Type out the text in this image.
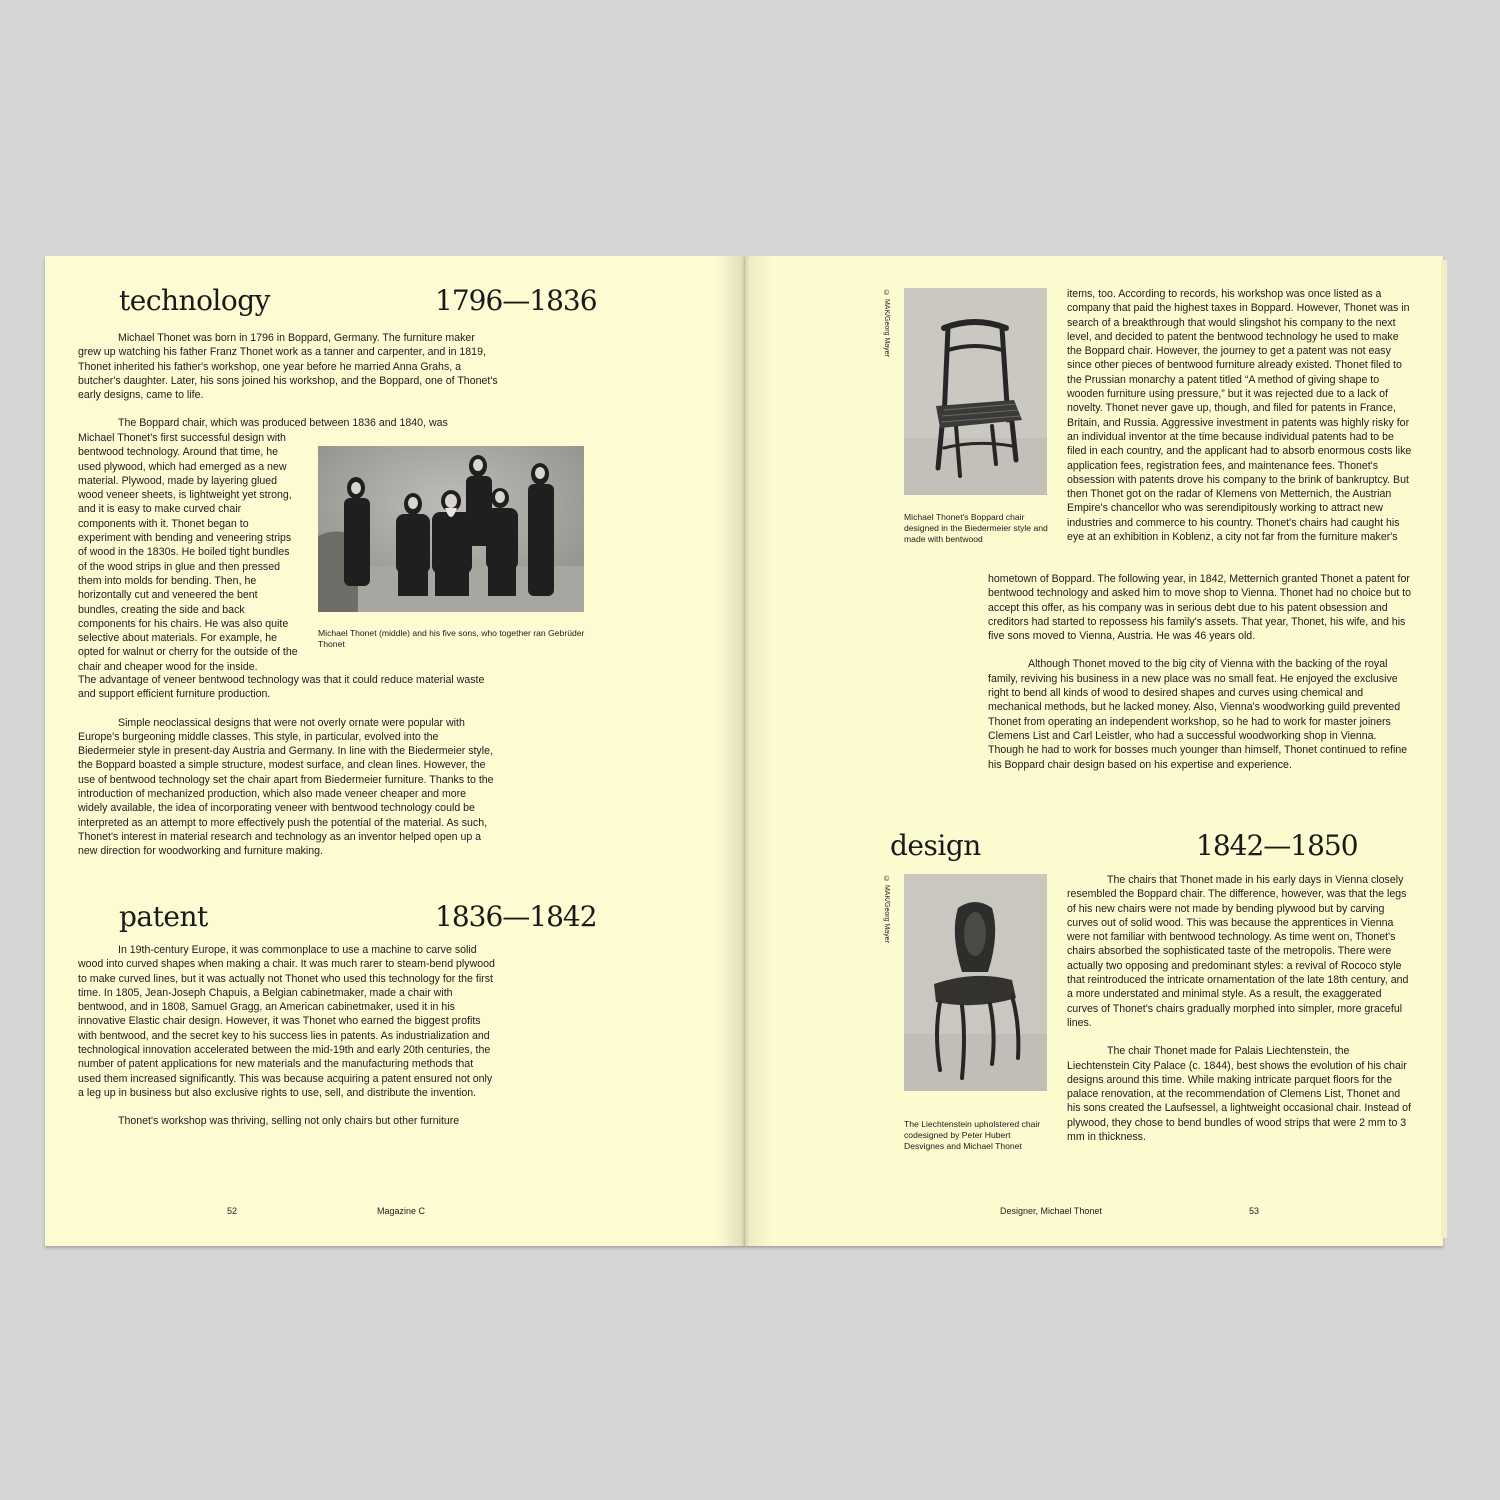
technology	1796—1836

Michael Thonet was born in 1796 in Boppard, Germany. The furniture maker grew up watching his father Franz Thonet work as a tanner and carpenter, and in 1819, Thonet inherited his father's workshop, one year before he married Anna Grahs, a butcher's daughter. Later, his sons joined his workshop, and the Boppard, one of Thonet's early designs, came to life.

The Boppard chair, which was produced between 1836 and 1840, was

Michael Thonet's first successful design with bentwood technology. Around that time, he used plywood, which had emerged as a new material. Plywood, made by layering glued wood veneer sheets, is lightweight yet strong, and it is easy to make curved chair components with it. Thonet began to experiment with bending and veneering strips of wood in the 1830s. He boiled tight bundles of the wood strips in glue and then pressed them into molds for bending. Then, he horizontally cut and veneered the bent bundles, creating the side and back components for his chairs. He was also quite selective about materials. For example, he opted for walnut or cherry for the outside of the chair and cheaper wood for the inside.

The advantage of veneer bentwood technology was that it could reduce material waste and support efficient furniture production.

Simple neoclassical designs that were not overly ornate were popular with Europe's burgeoning middle classes. This style, in particular, evolved into the Biedermeier style in present-day Austria and Germany. In line with the Biedermeier style, the Boppard boasted a simple structure, modest surface, and clean lines. However, the use of bentwood technology set the chair apart from Biedermeier furniture. Thanks to the introduction of mechanized production, which also made veneer cheaper and more widely available, the idea of incorporating veneer with bentwood technology could be interpreted as an attempt to more effectively push the potential of the material. As such, Thonet's interest in material research and technology as an inventor helped open up a new direction for woodworking and furniture making.

Michael Thonet (middle) and his five sons, who together ran Gebrüder Thonet
patent	1836—1842

In 19th-century Europe, it was commonplace to use a machine to carve solid wood into curved shapes when making a chair. It was much rarer to steam-bend plywood to make curved lines, but it was actually not Thonet who used this technology for the first time. In 1805, Jean-Joseph Chapuis, a Belgian cabinetmaker, made a chair with bentwood, and in 1808, Samuel Gragg, an American cabinetmaker, used it in his innovative Elastic chair design. However, it was Thonet who earned the biggest profits with bentwood, and the secret key to his success lies in patents. As industrialization and technological innovation accelerated between the mid-19th and early 20th centuries, the number of patent applications for new materials and the manufacturing methods that used them increased significantly. This was because acquiring a patent ensured not only a leg up in business but also exclusive rights to use, sell, and distribute the invention.

Thonet's workshop was thriving, selling not only chairs but other furniture

52	Magazine C
© MAK/Georg Mayer
Michael Thonet's Boppard chair designed in the Biedermeier style and made with bentwood

items, too. According to records, his workshop was once listed as a company that paid the highest taxes in Boppard. However, Thonet was in search of a breakthrough that would slingshot his company to the next level, and decided to patent the bentwood technology he used to make the Boppard chair. However, the journey to get a patent was not easy since other pieces of bentwood furniture already existed. Thonet filed to the Prussian monarchy a patent titled “A method of giving shape to wooden furniture using pressure,” but it was rejected due to a lack of novelty. Thonet never gave up, though, and filed for patents in France, Britain, and Russia. Aggressive investment in patents was highly risky for an individual inventor at the time because individual patents had to be filed in each country, and the applicant had to absorb enormous costs like application fees, registration fees, and maintenance fees. Thonet's obsession with patents drove his company to the brink of bankruptcy. But then Thonet got on the radar of Klemens von Metternich, the Austrian Empire's chancellor who was serendipitously working to attract new industries and commerce to his country. Thonet's chairs had caught his eye at an exhibition in Koblenz, a city not far from the furniture maker's

hometown of Boppard. The following year, in 1842, Metternich granted Thonet a patent for bentwood technology and asked him to move shop to Vienna. Thonet had no choice but to accept this offer, as his company was in serious debt due to his patent obsession and creditors had started to repossess his family's assets. That year, Thonet, his wife, and his five sons moved to Vienna, Austria. He was 46 years old.

Although Thonet moved to the big city of Vienna with the backing of the royal family, reviving his business in a new place was no small feat. He enjoyed the exclusive right to bend all kinds of wood to desired shapes and curves using chemical and mechanical methods, but he lacked money. Also, Vienna's woodworking guild prevented Thonet from operating an independent workshop, so he had to work for master joiners Clemens List and Carl Leistler, who had a successful woodworking shop in Vienna. Though he had to work for bosses much younger than himself, Thonet continued to refine his Boppard chair design based on his expertise and experience.

design	1842—1850
© MAK/Georg Mayer
The Liechtenstein upholstered chair codesigned by Peter Hubert Desvignes and Michael Thonet

The chairs that Thonet made in his early days in Vienna closely resembled the Boppard chair. The difference, however, was that the legs of his new chairs were not made by bending plywood but by carving curves out of solid wood. This was because the apprentices in Vienna were not familiar with bentwood technology. As time went on, Thonet's chairs absorbed the sophisticated taste of the metropolis. There were actually two opposing and predominant styles: a revival of Rococo style that reintroduced the intricate ornamentation of the late 18th century, and a more understated and minimal style. As a result, the exaggerated curves of Thonet's chairs gradually morphed into simpler, more graceful lines.

The chair Thonet made for Palais Liechtenstein, the Liechtenstein City Palace (c. 1844), best shows the evolution of his chair designs around this time. While making intricate parquet floors for the palace renovation, at the recommendation of Clemens List, Thonet and his sons created the Laufsessel, a lightweight occasional chair. Instead of plywood, they chose to bend bundles of wood strips that were 2 mm to 3 mm in thickness.

Designer, Michael Thonet	53
